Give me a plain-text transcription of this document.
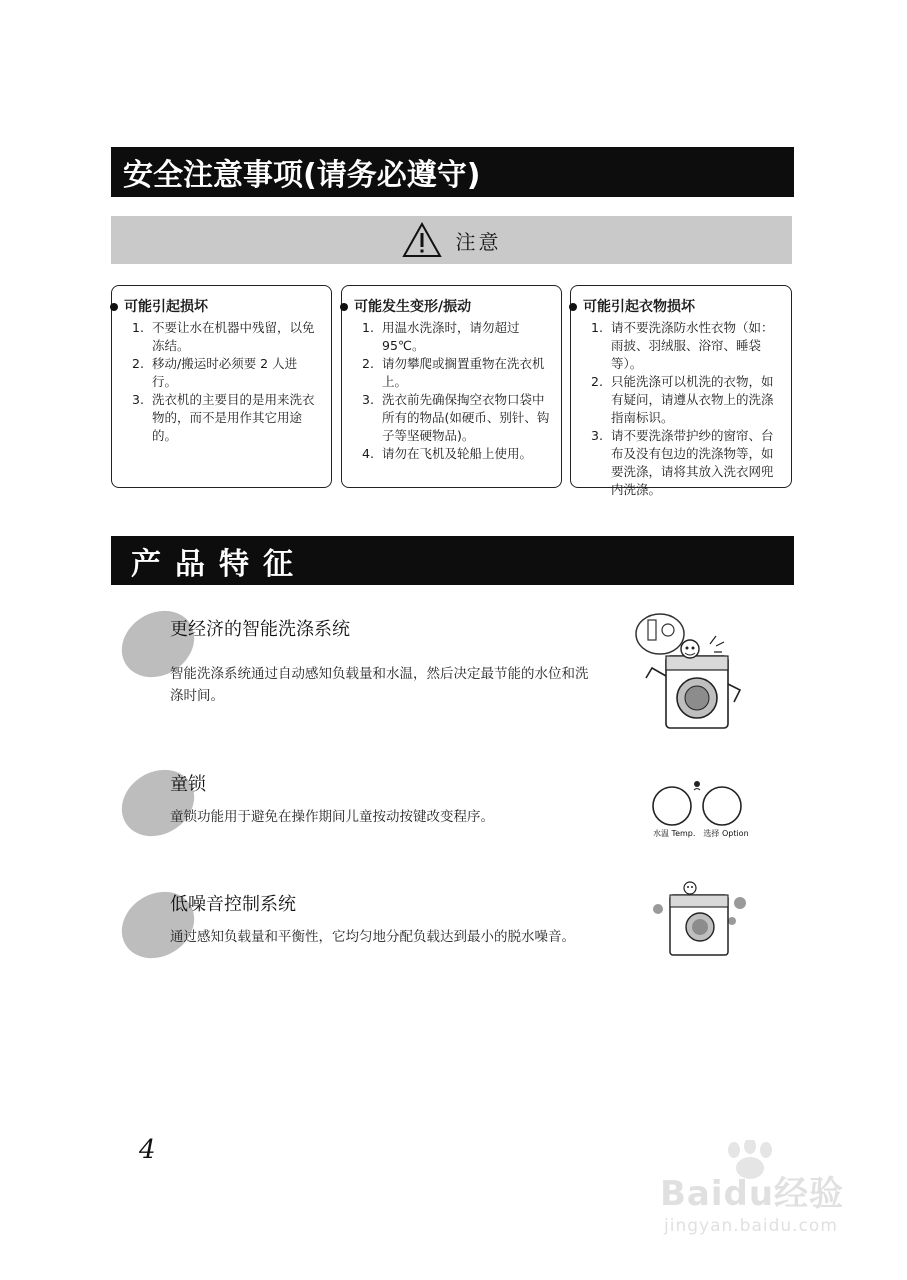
安全注意事项(请务必遵守)
注意
可能引起损坏
1. 不要让水在机器中残留，以免冻结。
2. 移动/搬运时必须要 2 人进行。
3. 洗衣机的主要目的是用来洗衣物的，而不是用作其它用途的。
可能发生变形/振动
1. 用温水洗涤时，请勿超过 95℃。
2. 请勿攀爬或搁置重物在洗衣机上。
3. 洗衣前先确保掏空衣物口袋中所有的物品(如硬币、别针、钩子等坚硬物品)。
4. 请勿在飞机及轮船上使用。
可能引起衣物损坏
1. 请不要洗涤防水性衣物（如：雨披、羽绒服、浴帘、睡袋等）。
2. 只能洗涤可以机洗的衣物，如有疑问，请遵从衣物上的洗涤指南标识。
3. 请不要洗涤带护纱的窗帘、台布及没有包边的洗涤物等，如要洗涤，请将其放入洗衣网兜内洗涤。
产品特征
更经济的智能洗涤系统
智能洗涤系统通过自动感知负载量和水温，然后决定最节能的水位和洗涤时间。
童锁
童锁功能用于避免在操作期间儿童按动按键改变程序。
低噪音控制系统
通过感知负载量和平衡性，它均匀地分配负载达到最小的脱水噪音。
水温 Temp. 选择 Option
4
Baidu经验
jingyan.baidu.com
